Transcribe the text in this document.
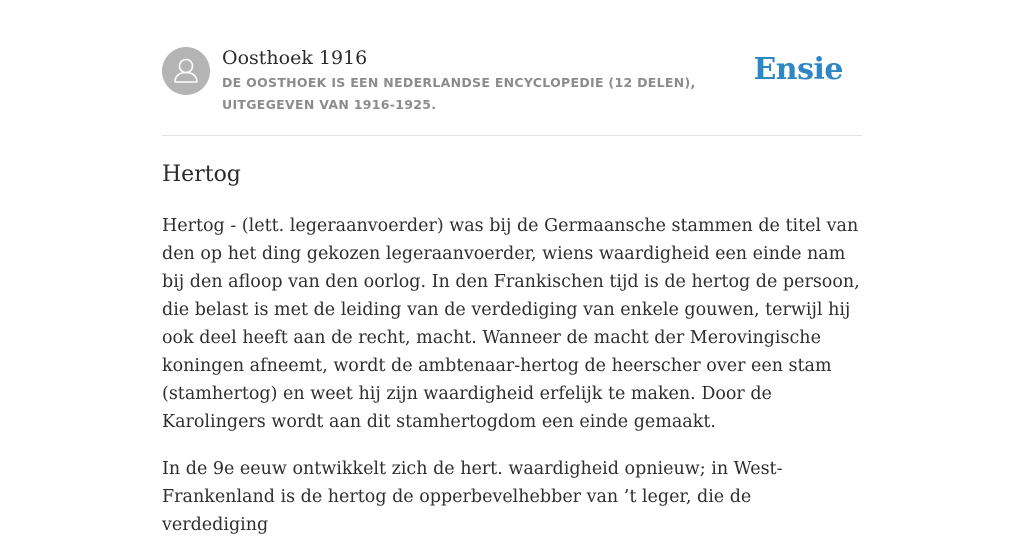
Oosthoek 1916
DE OOSTHOEK IS EEN NEDERLANDSE ENCYCLOPEDIE (12 DELEN), UITGEGEVEN VAN 1916-1925.
Ensie
Hertog

Hertog - (lett. legeraanvoerder) was bij de Germaansche stammen de titel van den op het ding gekozen legeraanvoerder, wiens waardigheid een einde nam bij den afloop van den oorlog. In den Frankischen tijd is de hertog de persoon, die belast is met de leiding van de verdediging van enkele gouwen, terwijl hij ook deel heeft aan de recht, macht. Wanneer de macht der Merovingische koningen afneemt, wordt de ambtenaar-hertog de heerscher over een stam (stamhertog) en weet hij zijn waardigheid erfelijk te maken. Door de Karolingers wordt aan dit stamhertogdom een einde gemaakt.

In de 9e eeuw ontwikkelt zich de hert. waardigheid opnieuw; in West-Frankenland is de hertog de opperbevelhebber van ’t leger, die de verdediging
